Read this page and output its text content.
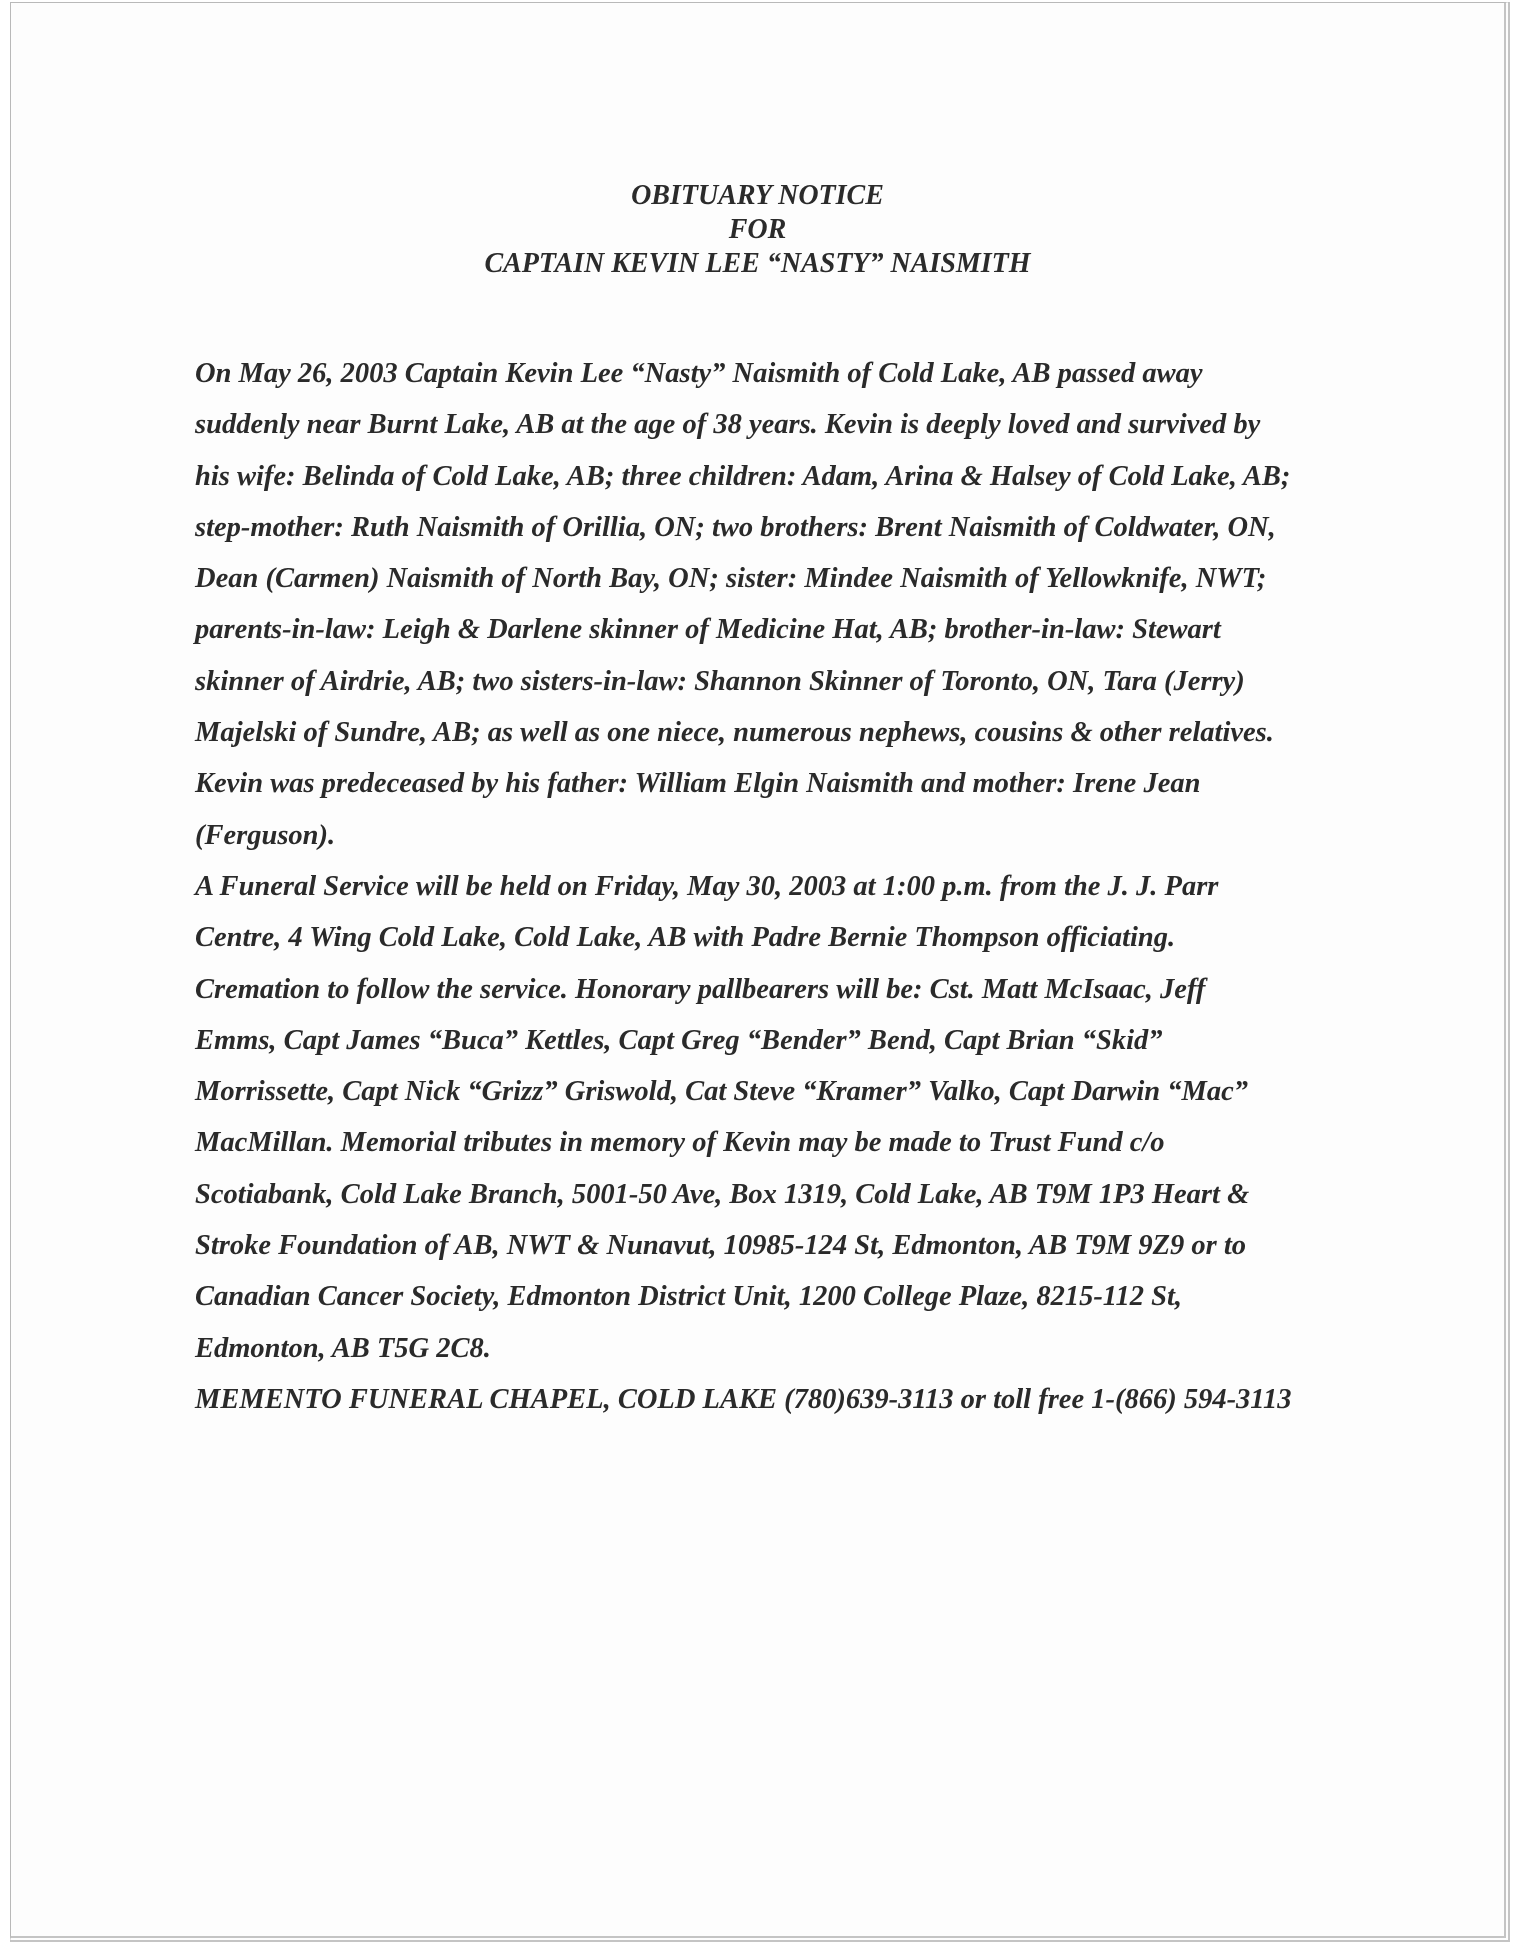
OBITUARY NOTICE
FOR
CAPTAIN KEVIN LEE “NASTY” NAISMITH
On May 26, 2003 Captain Kevin Lee “Nasty” Naismith of Cold Lake, AB passed away
suddenly near Burnt Lake, AB at the age of 38 years. Kevin is deeply loved and survived by
his wife: Belinda of Cold Lake, AB; three children: Adam, Arina & Halsey of Cold Lake, AB;
step-mother: Ruth Naismith of Orillia, ON; two brothers: Brent Naismith of Coldwater, ON,
Dean (Carmen) Naismith of North Bay, ON; sister: Mindee Naismith of Yellowknife, NWT;
parents-in-law: Leigh & Darlene skinner of Medicine Hat, AB; brother-in-law: Stewart
skinner of Airdrie, AB; two sisters-in-law: Shannon Skinner of Toronto, ON, Tara (Jerry)
Majelski of Sundre, AB; as well as one niece, numerous nephews, cousins & other relatives.
Kevin was predeceased by his father: William Elgin Naismith and mother: Irene Jean
(Ferguson).
A Funeral Service will be held on Friday, May 30, 2003 at 1:00 p.m. from the J. J. Parr
Centre, 4 Wing Cold Lake, Cold Lake, AB with Padre Bernie Thompson officiating.
Cremation to follow the service. Honorary pallbearers will be: Cst. Matt McIsaac, Jeff
Emms, Capt James “Buca” Kettles, Capt Greg “Bender” Bend, Capt Brian “Skid”
Morrissette, Capt Nick “Grizz” Griswold, Cat Steve “Kramer” Valko, Capt Darwin “Mac”
MacMillan. Memorial tributes in memory of Kevin may be made to Trust Fund c/o
Scotiabank, Cold Lake Branch, 5001-50 Ave, Box 1319, Cold Lake, AB T9M 1P3 Heart &
Stroke Foundation of AB, NWT & Nunavut, 10985-124 St, Edmonton, AB T9M 9Z9 or to
Canadian Cancer Society, Edmonton District Unit, 1200 College Plaze, 8215-112 St,
Edmonton, AB T5G 2C8.
MEMENTO FUNERAL CHAPEL, COLD LAKE (780)639-3113 or toll free 1-(866) 594-3113
